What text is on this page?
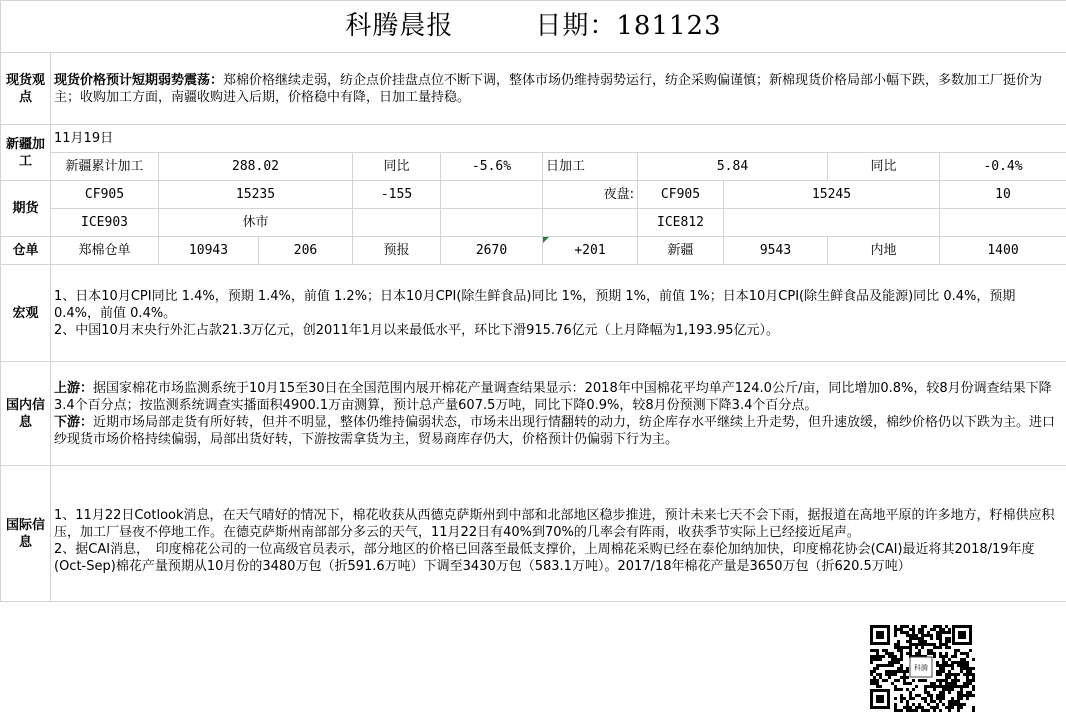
科腾晨报 日期：181123										
现货观点	现货价格预计短期弱势震荡：郑棉价格继续走弱，纺企点价挂盘点位不断下调，整体市场仍维持弱势运行，纺企采购偏谨慎；新棉现货价格局部小幅下跌，多数加工厂挺价为主；收购加工方面，南疆收购进入后期，价格稳中有降，日加工量持稳。									
新疆加工	11月19日									
	新疆累计加工	288.02		同比	-5.6%	日加工	5.84		同比	-0.4%
期货	CF905	15235		-155		夜盘:	CF905	15245		10
	ICE903	休市					ICE812			
仓单	郑棉仓单	10943	206	预报	2670	+201	新疆	9543	内地	1400
宏观	1、日本10月CPI同比 1.4%，预期 1.4%，前值 1.2%；日本10月CPI(除生鲜食品)同比 1%，预期 1%，前值 1%；日本10月CPI(除生鲜食品及能源)同比 0.4%，预期 0.4%，前值 0.4%。
2、中国10月末央行外汇占款21.3万亿元，创2011年1月以来最低水平，环比下滑915.76亿元（上月降幅为1,193.95亿元）。									

国内信息	上游：据国家棉花市场监测系统于10月15至30日在全国范围内展开棉花产量调查结果显示：2018年中国棉花平均单产124.0公斤/亩，同比增加0.8%，较8月份调查结果下降3.4个百分点；按监测系统调查实播面积4900.1万亩测算，预计总产量607.5万吨，同比下降0.9%，较8月份预测下降3.4个百分点。
下游：近期市场局部走货有所好转，但并不明显，整体仍维持偏弱状态，市场未出现行情翻转的动力，纺企库存水平继续上升走势，但升速放缓，棉纱价格仍以下跌为主。进口纱现货市场价格持续偏弱，局部出货好转，下游按需拿货为主，贸易商库存仍大，价格预计仍偏弱下行为主。									

国际信息	1、11月22日Cotlook消息，在天气晴好的情况下，棉花收获从西德克萨斯州到中部和北部地区稳步推进，预计未来七天不会下雨，据报道在高地平原的许多地方，籽棉供应积压，加工厂昼夜不停地工作。在德克萨斯州南部部分多云的天气，11月22日有40%到70%的几率会有阵雨，收获季节实际上已经接近尾声。
2、据CAI消息，　印度棉花公司的一位高级官员表示，部分地区的价格已回落至最低支撑价，上周棉花采购已经在泰伦加纳加快，印度棉花协会(CAI)最近将其2018/19年度(Oct-Sep)棉花产量预期从10月份的3480万包（折591.6万吨）下调至3430万包（583.1万吨）。2017/18年棉花产量是3650万包（折620.5万吨）									

科腾
